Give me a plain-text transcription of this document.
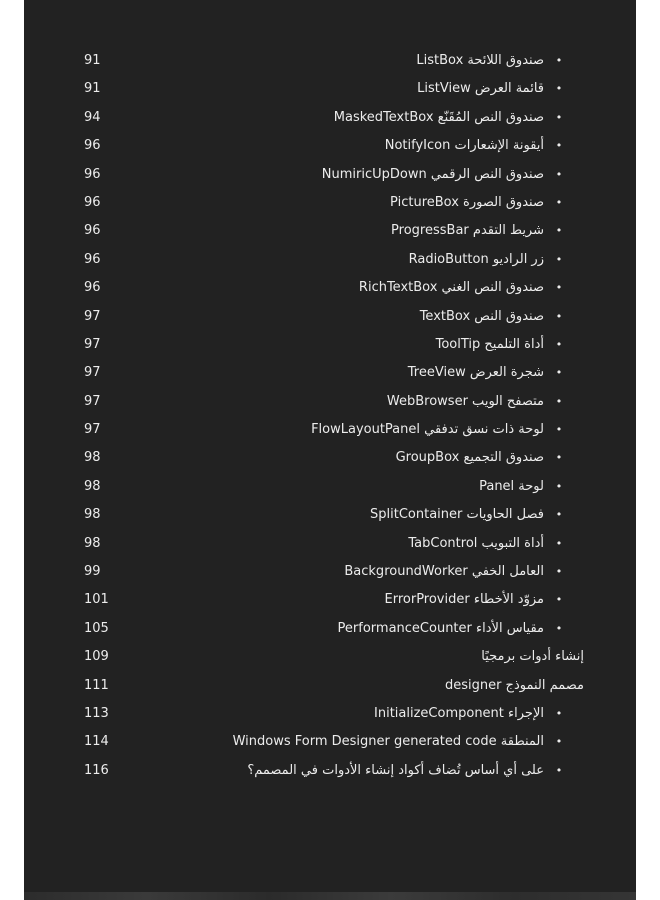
91	صندوق اللائحة ListBox •
91	قائمة العرض ListView •
94	صندوق النص المُقَنّع MaskedTextBox •
96	أيقونة الإشعارات NotifyIcon •
96	صندوق النص الرقمي NumiricUpDown •
96	صندوق الصورة PictureBox •
96	شريط التقدم ProgressBar •
96	زر الراديو RadioButton •
96	صندوق النص الغني RichTextBox •
97	صندوق النص TextBox •
97	أداة التلميح ToolTip •
97	شجرة العرض TreeView •
97	متصفح الويب WebBrowser •
97	لوحة ذات نسق تدفقي FlowLayoutPanel •
98	صندوق التجميع GroupBox •
98	لوحة Panel •
98	فصل الحاويات SplitContainer •
98	أداة التبويب TabControl •
99	العامل الخفي BackgroundWorker •
101	مزوّد الأخطاء ErrorProvider •
105	مقياس الأداء PerformanceCounter •
109	إنشاء أدوات برمجيًا
111	مصمم النموذج designer
113	الإجراء InitializeComponent •
114	المنطقة Windows Form Designer generated code •
116	على أي أساس تُضاف أكواد إنشاء الأدوات في المصمم؟ •
